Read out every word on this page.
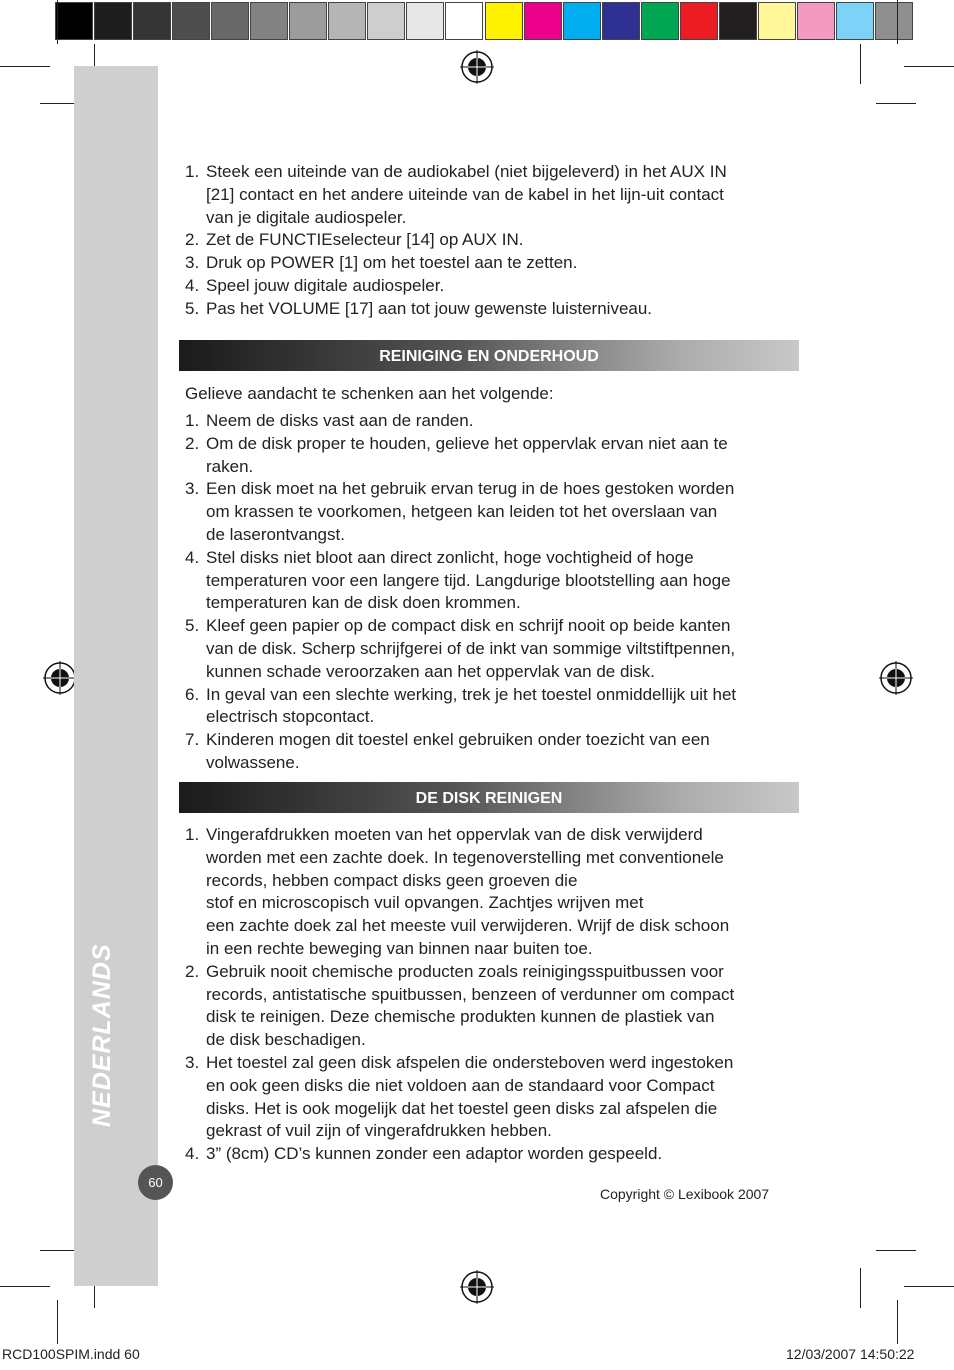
NEDERLANDS
60
1. Steek een uiteinde van de audiokabel (niet bijgeleverd) in het AUX IN
[21] contact en het andere uiteinde van de kabel in het lijn-uit contact
van je digitale audiospeler.
2. Zet de FUNCTIEselecteur [14] op AUX IN.
3. Druk op POWER [1] om het toestel aan te zetten.
4. Speel jouw digitale audiospeler.
5. Pas het VOLUME [17] aan tot jouw gewenste luisterniveau.
REINIGING EN ONDERHOUD
Gelieve aandacht te schenken aan het volgende:
1. Neem de disks vast aan de randen.
2. Om de disk proper te houden, gelieve het oppervlak ervan niet aan te
raken.
3. Een disk moet na het gebruik ervan terug in de hoes gestoken worden
om krassen te voorkomen, hetgeen kan leiden tot het overslaan van
de laserontvangst.
4. Stel disks niet bloot aan direct zonlicht, hoge vochtigheid of hoge
temperaturen voor een langere tijd. Langdurige blootstelling aan hoge
temperaturen kan de disk doen krommen.
5. Kleef geen papier op de compact disk en schrijf nooit op beide kanten
van de disk. Scherp schrijfgerei of de inkt van sommige viltstiftpennen,
kunnen schade veroorzaken aan het oppervlak van de disk.
6. In geval van een slechte werking, trek je het toestel onmiddellijk uit het
electrisch stopcontact.
7. Kinderen mogen dit toestel enkel gebruiken onder toezicht van een
volwassene.
DE DISK REINIGEN
1. Vingerafdrukken moeten van het oppervlak van de disk verwijderd
worden met een zachte doek. In tegenoverstelling met conventionele
records, hebben compact disks geen groeven die
stof en microscopisch vuil opvangen. Zachtjes wrijven met
een zachte doek zal het meeste vuil verwijderen. Wrijf de disk schoon
in een rechte beweging van binnen naar buiten toe.
2. Gebruik nooit chemische producten zoals reinigingsspuitbussen voor
records, antistatische spuitbussen, benzeen of verdunner om compact
disk te reinigen. Deze chemische produkten kunnen de plastiek van
de disk beschadigen.
3. Het toestel zal geen disk afspelen die ondersteboven werd ingestoken
en ook geen disks die niet voldoen aan de standaard voor Compact
disks. Het is ook mogelijk dat het toestel geen disks zal afspelen die
gekrast of vuil zijn of vingerafdrukken hebben.
4. 3” (8cm) CD’s kunnen zonder een adaptor worden gespeeld.
Copyright © Lexibook 2007
RCD100SPIM.indd 60	12/03/2007 14:50:22
